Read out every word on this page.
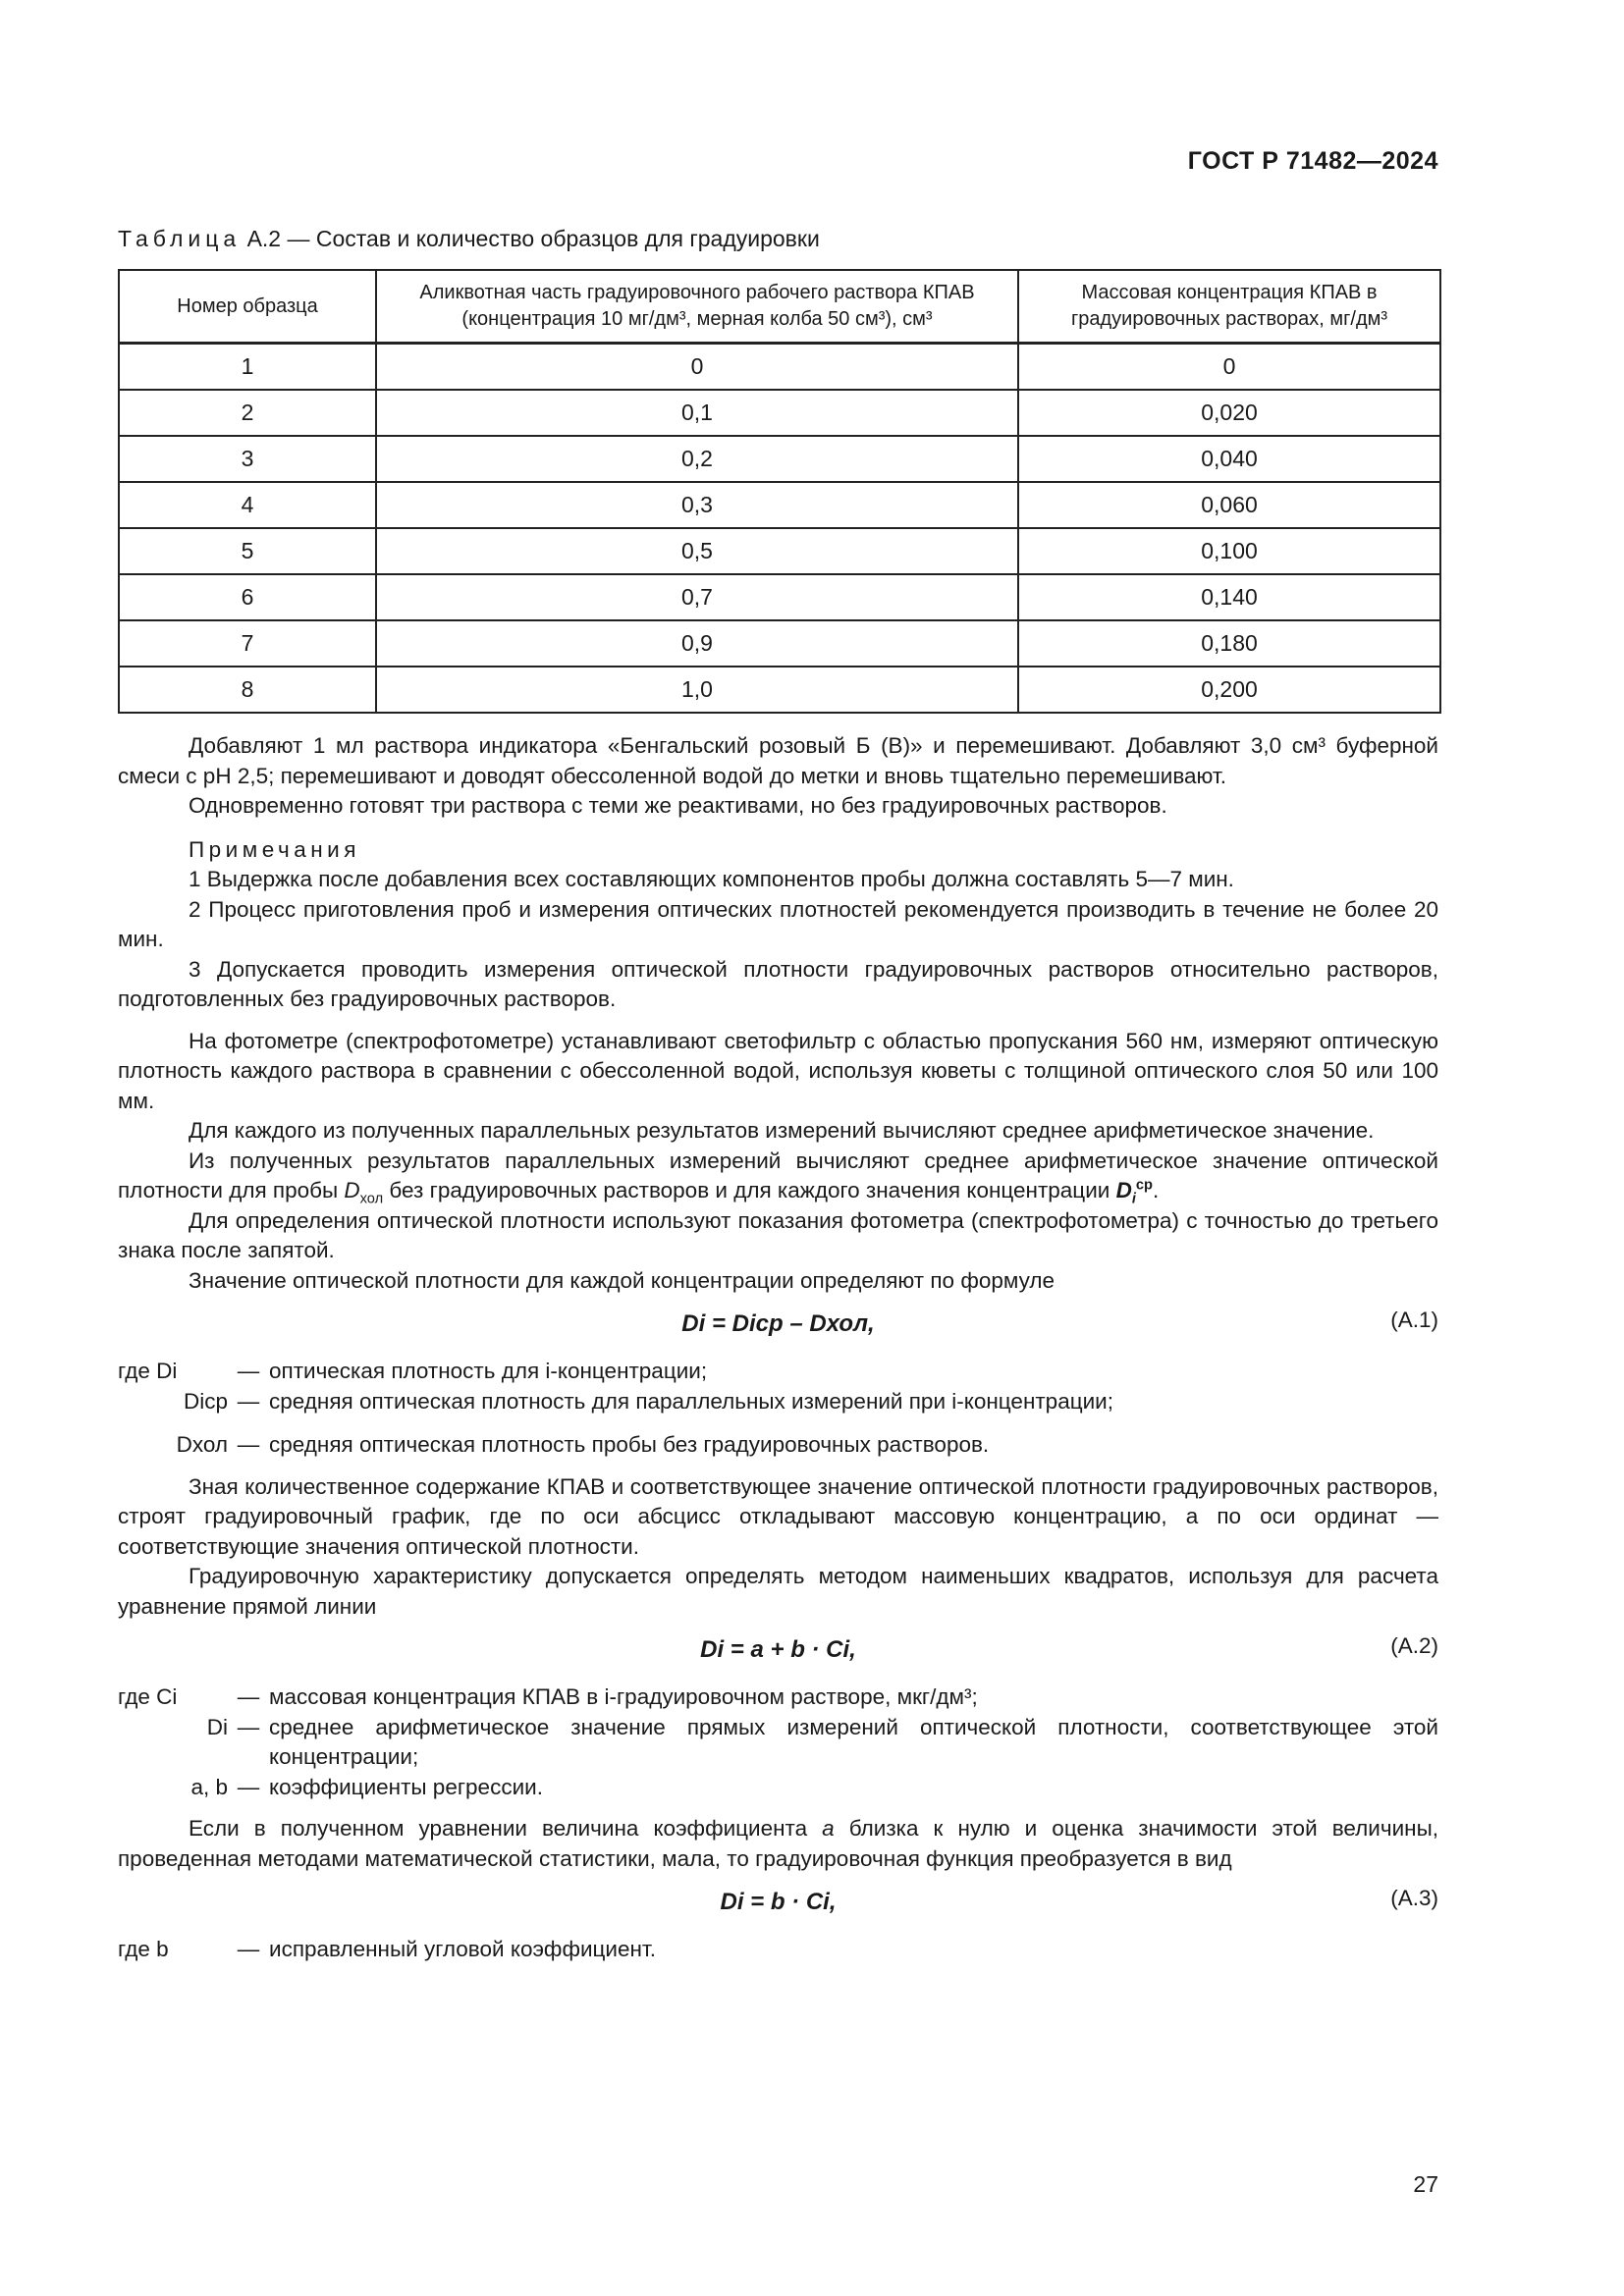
ГОСТ Р 71482—2024
Таблица А.2 — Состав и количество образцов для градуировки
Номер образца	Аликвотная часть градуировочного рабочего раствора КПАВ (концентрация 10 мг/дм³, мерная колба 50 см³), см³	Массовая концентрация КПАВ в градуировочных растворах, мг/дм³
1	0	0
2	0,1	0,020
3	0,2	0,040
4	0,3	0,060
5	0,5	0,100
6	0,7	0,140
7	0,9	0,180
8	1,0	0,200

Добавляют 1 мл раствора индикатора «Бенгальский розовый Б (В)» и перемешивают. Добавляют 3,0 см³ буферной смеси с рН 2,5; перемешивают и доводят обессоленной водой до метки и вновь тщательно перемешивают.

Одновременно готовят три раствора с теми же реактивами, но без градуировочных растворов.

Примечания

1 Выдержка после добавления всех составляющих компонентов пробы должна составлять 5—7 мин.

2 Процесс приготовления проб и измерения оптических плотностей рекомендуется производить в течение не более 20 мин.

3 Допускается проводить измерения оптической плотности градуировочных растворов относительно растворов, подготовленных без градуировочных растворов.

На фотометре (спектрофотометре) устанавливают светофильтр с областью пропускания 560 нм, измеряют оптическую плотность каждого раствора в сравнении с обессоленной водой, используя кюветы с толщиной оптического слоя 50 или 100 мм.

Для каждого из полученных параллельных результатов измерений вычисляют среднее арифметическое значение.

Из полученных результатов параллельных измерений вычисляют среднее арифметическое значение оптической плотности для пробы $D_{хол}$ без градуировочных растворов и для каждого значения концентрации $D_i^{ср}$.

Для определения оптической плотности используют показания фотометра (спектрофотометра) с точностью до третьего знака после запятой.

Значение оптической плотности для каждой концентрации определяют по формуле

Di = Diср – Dхол,	(А.1)
где Di	— оптическая плотность для i-концентрации;
Diср — средняя оптическая плотность для параллельных измерений при i-концентрации;
Dхол — средняя оптическая плотность пробы без градуировочных растворов.

Зная количественное содержание КПАВ и соответствующее значение оптической плотности градуировочных растворов, строят градуировочный график, где по оси абсцисс откладывают массовую концентрацию, а по оси ординат — соответствующие значения оптической плотности.

Градуировочную характеристику допускается определять методом наименьших квадратов, используя для расчета уравнение прямой линии

Di = a + b · Ci,	(А.2)
где Ci	— массовая концентрация КПАВ в i-градуировочном растворе, мкг/дм³;
Di — среднее арифметическое значение прямых измерений оптической плотности, соответствующее этой концентрации;
a, b — коэффициенты регрессии.

Если в полученном уравнении величина коэффициента a близка к нулю и оценка значимости этой величины, проведенная методами математической статистики, мала, то градуировочная функция преобразуется в вид

Di = b · Ci,	(А.3)
где b	— исправленный угловой коэффициент.
27
